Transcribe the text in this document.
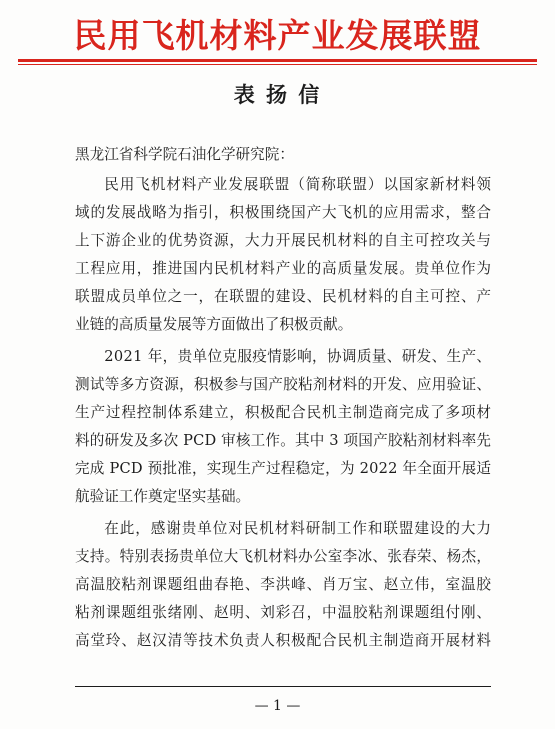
民用飞机材料产业发展联盟
表 扬 信
黑龙江省科学院石油化学研究院：
民用飞机材料产业发展联盟（简称联盟）以国家新材料领
域的发展战略为指引，积极围绕国产大飞机的应用需求，整合
上下游企业的优势资源，大力开展民机材料的自主可控攻关与
工程应用，推进国内民机材料产业的高质量发展。贵单位作为
联盟成员单位之一，在联盟的建设、民机材料的自主可控、产
业链的高质量发展等方面做出了积极贡献。
2021 年，贵单位克服疫情影响，协调质量、研发、生产、
测试等多方资源，积极参与国产胶粘剂材料的开发、应用验证、
生产过程控制体系建立，积极配合民机主制造商完成了多项材
料的研发及多次 PCD 审核工作。其中 3 项国产胶粘剂材料率先
完成 PCD 预批准，实现生产过程稳定，为 2022 年全面开展适
航验证工作奠定坚实基础。
在此，感谢贵单位对民机材料研制工作和联盟建设的大力
支持。特别表扬贵单位大飞机材料办公室李冰、张春荣、杨杰，
高温胶粘剂课题组曲春艳、李洪峰、肖万宝、赵立伟，室温胶
粘剂课题组张绪刚、赵明、刘彩召，中温胶粘剂课题组付刚、
高堂玲、赵汉清等技术负责人积极配合民机主制造商开展材料
— 1 —
